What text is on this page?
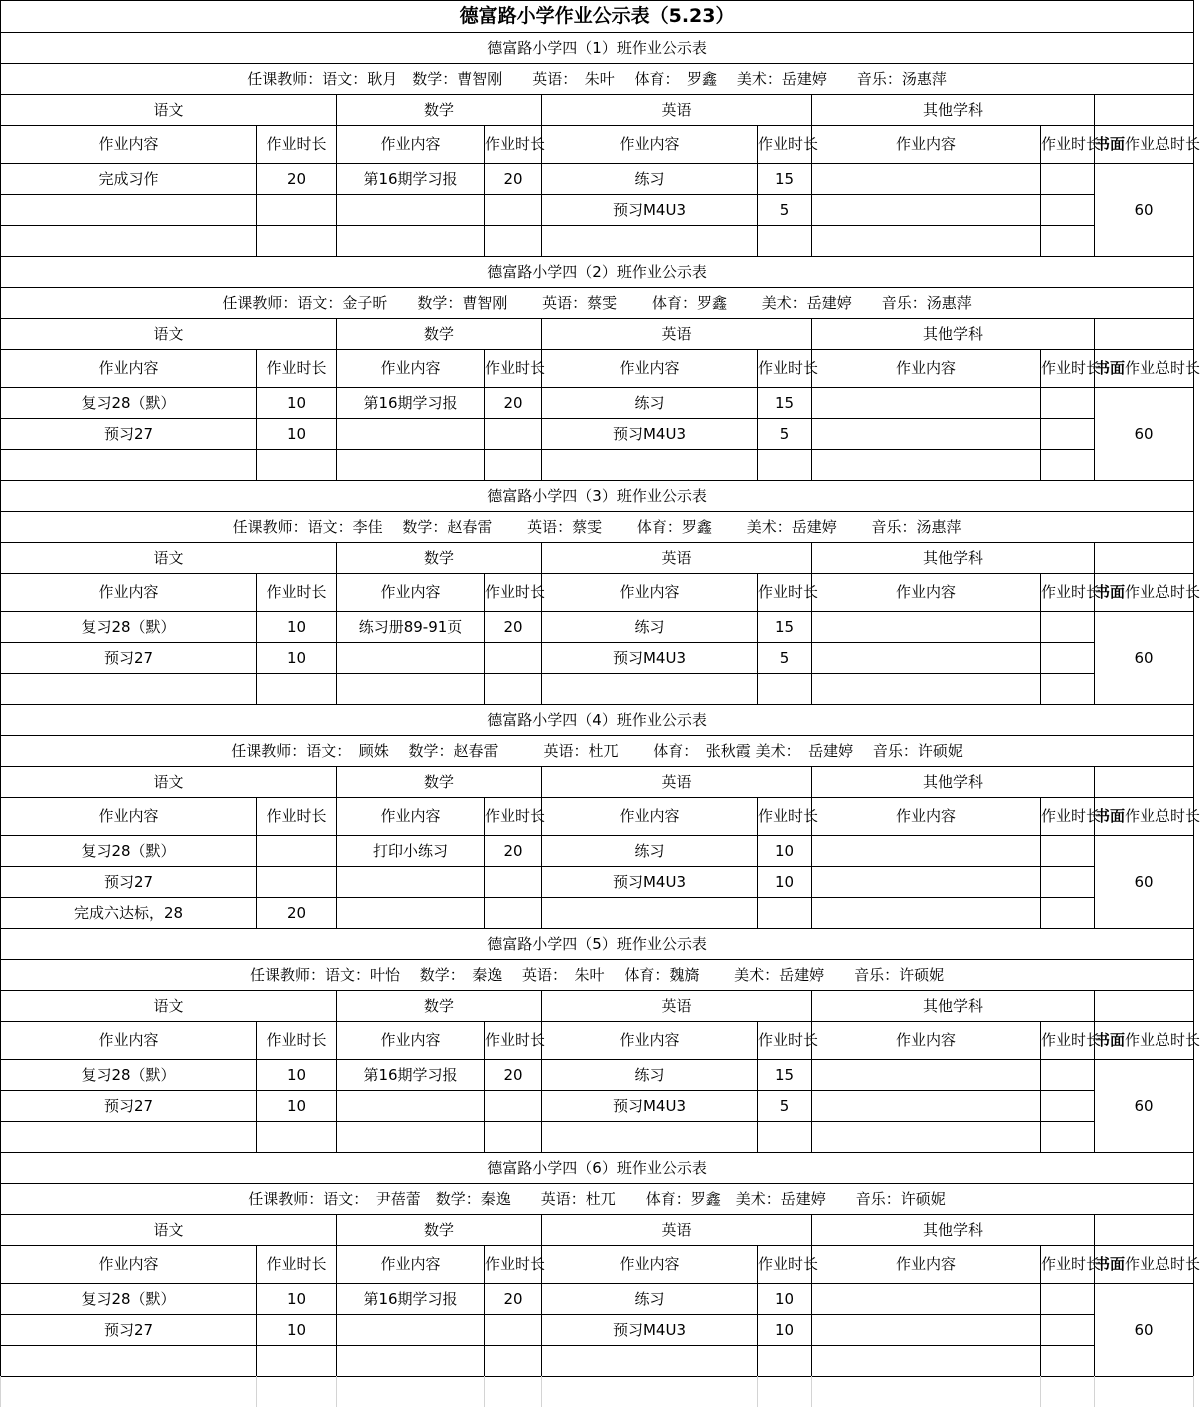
德富路小学作业公示表（5.23）								
德富路小学四（1）班作业公示表								
任课教师：语文：耿月　数学：曹智刚　　英语：　朱叶　 体育：　罗鑫　 美术：岳建婷　　音乐：汤惠萍								
语文		数学		英语		其他学科		
作业内容	作业时长	作业内容	作业时长	作业内容	作业时长	作业内容	作业时长	书面作业总时长
完成习作	20	第16期学习报	20	练习	15			60
				预习M4U3	5			

德富路小学四（2）班作业公示表								
任课教师：语文：金子昕　　数学：曹智刚　　 英语：蔡雯　　 体育：罗鑫　　 美术：岳建婷　　音乐：汤惠萍								
语文		数学		英语		其他学科		
作业内容	作业时长	作业内容	作业时长	作业内容	作业时长	作业内容	作业时长	书面作业总时长
复习28（默）	10	第16期学习报	20	练习	15			60
预习27	10			预习M4U3	5			

德富路小学四（3）班作业公示表								
任课教师：语文：李佳　 数学：赵春雷　　 英语：蔡雯　　 体育：罗鑫　　 美术：岳建婷　　 音乐：汤惠萍								
语文		数学		英语		其他学科		
作业内容	作业时长	作业内容	作业时长	作业内容	作业时长	作业内容	作业时长	书面作业总时长
复习28（默）	10	练习册89-91页	20	练习	15			60
预习27	10			预习M4U3	5			

德富路小学四（4）班作业公示表								
任课教师：语文：　顾姝　 数学：赵春雷　　　英语：杜兀　　 体育：　张秋霞 美术：　岳建婷　 音乐：许硕妮								
语文		数学		英语		其他学科		
作业内容	作业时长	作业内容	作业时长	作业内容	作业时长	作业内容	作业时长	书面作业总时长
复习28（默）		打印小练习	20	练习	10			60
预习27				预习M4U3	10			
完成六达标，28	20							
德富路小学四（5）班作业公示表								
任课教师：语文：叶怡　 数学：　秦逸　 英语：　朱叶　 体育：魏旖　　 美术：岳建婷　　音乐：许硕妮								
语文		数学		英语		其他学科		
作业内容	作业时长	作业内容	作业时长	作业内容	作业时长	作业内容	作业时长	书面作业总时长
复习28（默）	10	第16期学习报	20	练习	15			60
预习27	10			预习M4U3	5			

德富路小学四（6）班作业公示表								
任课教师：语文：　尹蓓蕾　数学：秦逸　　英语：杜兀　　体育：罗鑫　美术：岳建婷　　音乐：许硕妮								
语文		数学		英语		其他学科		
作业内容	作业时长	作业内容	作业时长	作业内容	作业时长	作业内容	作业时长	书面作业总时长
复习28（默）	10	第16期学习报	20	练习	10			60
预习27	10			预习M4U3	10			
